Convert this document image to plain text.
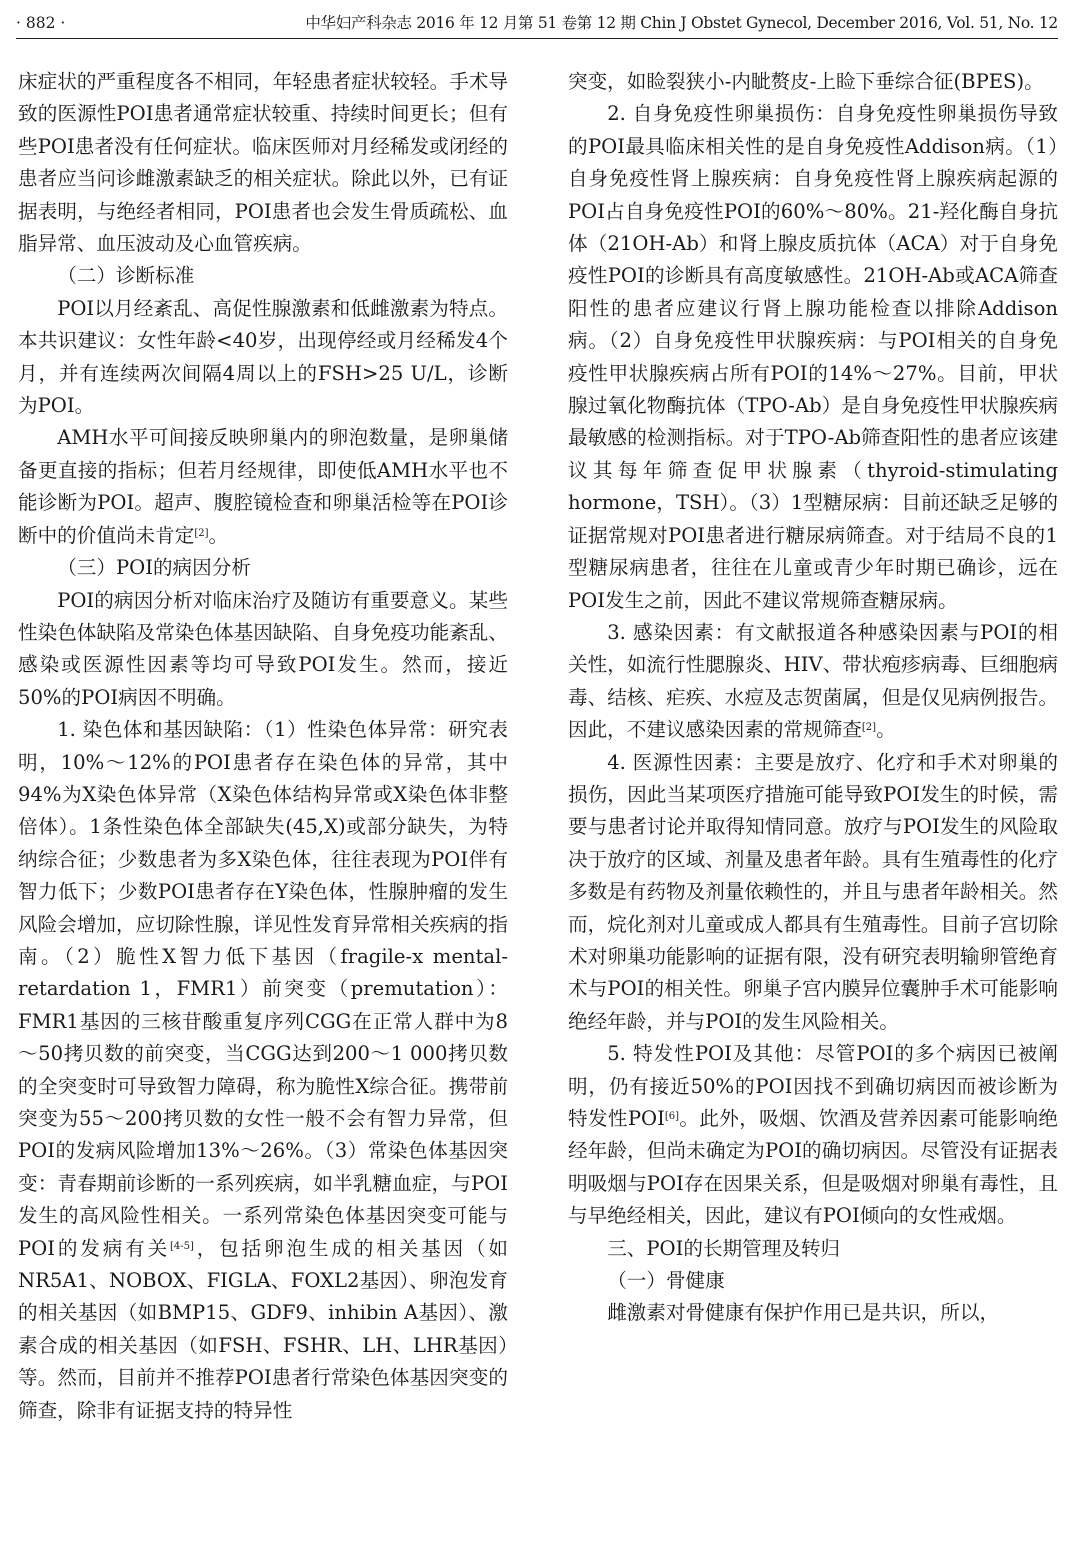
· 882 ·	中华妇产科杂志 2016 年 12 月第 51 卷第 12 期 Chin J Obstet Gynecol, December 2016, Vol. 51, No. 12

床症状的严重程度各不相同，年轻患者症状较轻。手术导致的医源性POI患者通常症状较重、持续时间更长；但有些POI患者没有任何症状。临床医师对月经稀发或闭经的患者应当问诊雌激素缺乏的相关症状。除此以外，已有证据表明，与绝经者相同，POI患者也会发生骨质疏松、血脂异常、血压波动及心血管疾病。

（二）诊断标准

POI以月经紊乱、高促性腺激素和低雌激素为特点。本共识建议：女性年龄<40岁，出现停经或月经稀发4个月，并有连续两次间隔4周以上的FSH>25 U/L，诊断为POI。

AMH水平可间接反映卵巢内的卵泡数量，是卵巢储备更直接的指标；但若月经规律，即使低AMH水平也不能诊断为POI。超声、腹腔镜检查和卵巢活检等在POI诊断中的价值尚未肯定[2]。

（三）POI的病因分析

POI的病因分析对临床治疗及随访有重要意义。某些性染色体缺陷及常染色体基因缺陷、自身免疫功能紊乱、感染或医源性因素等均可导致POI发生。然而，接近50%的POI病因不明确。

1. 染色体和基因缺陷：（1）性染色体异常：研究表明，10%～12%的POI患者存在染色体的异常，其中94%为X染色体异常（X染色体结构异常或X染色体非整倍体）。1条性染色体全部缺失(45,X)或部分缺失，为特纳综合征；少数患者为多X染色体，往往表现为POI伴有智力低下；少数POI患者存在Y染色体，性腺肿瘤的发生风险会增加，应切除性腺，详见性发育异常相关疾病的指南。（2）脆性X智力低下基因（fragile-x mental-retardation 1，FMR1）前突变（premutation）：FMR1基因的三核苷酸重复序列CGG在正常人群中为8～50拷贝数的前突变，当CGG达到200～1 000拷贝数的全突变时可导致智力障碍，称为脆性X综合征。携带前突变为55～200拷贝数的女性一般不会有智力异常，但POI的发病风险增加13%～26%。（3）常染色体基因突变：青春期前诊断的一系列疾病，如半乳糖血症，与POI发生的高风险性相关。一系列常染色体基因突变可能与POI的发病有关[4-5]，包括卵泡生成的相关基因（如NR5A1、NOBOX、FIGLA、FOXL2基因）、卵泡发育的相关基因（如BMP15、GDF9、inhibin A基因）、激素合成的相关基因（如FSH、FSHR、LH、LHR基因）等。然而，目前并不推荐POI患者行常染色体基因突变的筛查，除非有证据支持的特异性

突变，如睑裂狭小-内眦赘皮-上睑下垂综合征(BPES)。

2. 自身免疫性卵巢损伤：自身免疫性卵巢损伤导致的POI最具临床相关性的是自身免疫性Addison病。（1）自身免疫性肾上腺疾病：自身免疫性肾上腺疾病起源的POI占自身免疫性POI的60%～80%。21-羟化酶自身抗体（21OH-Ab）和肾上腺皮质抗体（ACA）对于自身免疫性POI的诊断具有高度敏感性。21OH-Ab或ACA筛查阳性的患者应建议行肾上腺功能检查以排除Addison病。（2）自身免疫性甲状腺疾病：与POI相关的自身免疫性甲状腺疾病占所有POI的14%～27%。目前，甲状腺过氧化物酶抗体（TPO-Ab）是自身免疫性甲状腺疾病最敏感的检测指标。对于TPO-Ab筛查阳性的患者应该建议其每年筛查促甲状腺素（thyroid-stimulating hormone，TSH）。（3）1型糖尿病：目前还缺乏足够的证据常规对POI患者进行糖尿病筛查。对于结局不良的1型糖尿病患者，往往在儿童或青少年时期已确诊，远在POI发生之前，因此不建议常规筛查糖尿病。

3. 感染因素：有文献报道各种感染因素与POI的相关性，如流行性腮腺炎、HIV、带状疱疹病毒、巨细胞病毒、结核、疟疾、水痘及志贺菌属，但是仅见病例报告。因此，不建议感染因素的常规筛查[2]。

4. 医源性因素：主要是放疗、化疗和手术对卵巢的损伤，因此当某项医疗措施可能导致POI发生的时候，需要与患者讨论并取得知情同意。放疗与POI发生的风险取决于放疗的区域、剂量及患者年龄。具有生殖毒性的化疗多数是有药物及剂量依赖性的，并且与患者年龄相关。然而，烷化剂对儿童或成人都具有生殖毒性。目前子宫切除术对卵巢功能影响的证据有限，没有研究表明输卵管绝育术与POI的相关性。卵巢子宫内膜异位囊肿手术可能影响绝经年龄，并与POI的发生风险相关。

5. 特发性POI及其他：尽管POI的多个病因已被阐明，仍有接近50%的POI因找不到确切病因而被诊断为特发性POI[6]。此外，吸烟、饮酒及营养因素可能影响绝经年龄，但尚未确定为POI的确切病因。尽管没有证据表明吸烟与POI存在因果关系，但是吸烟对卵巢有毒性，且与早绝经相关，因此，建议有POI倾向的女性戒烟。

三、POI的长期管理及转归

（一）骨健康

雌激素对骨健康有保护作用已是共识，所以，
